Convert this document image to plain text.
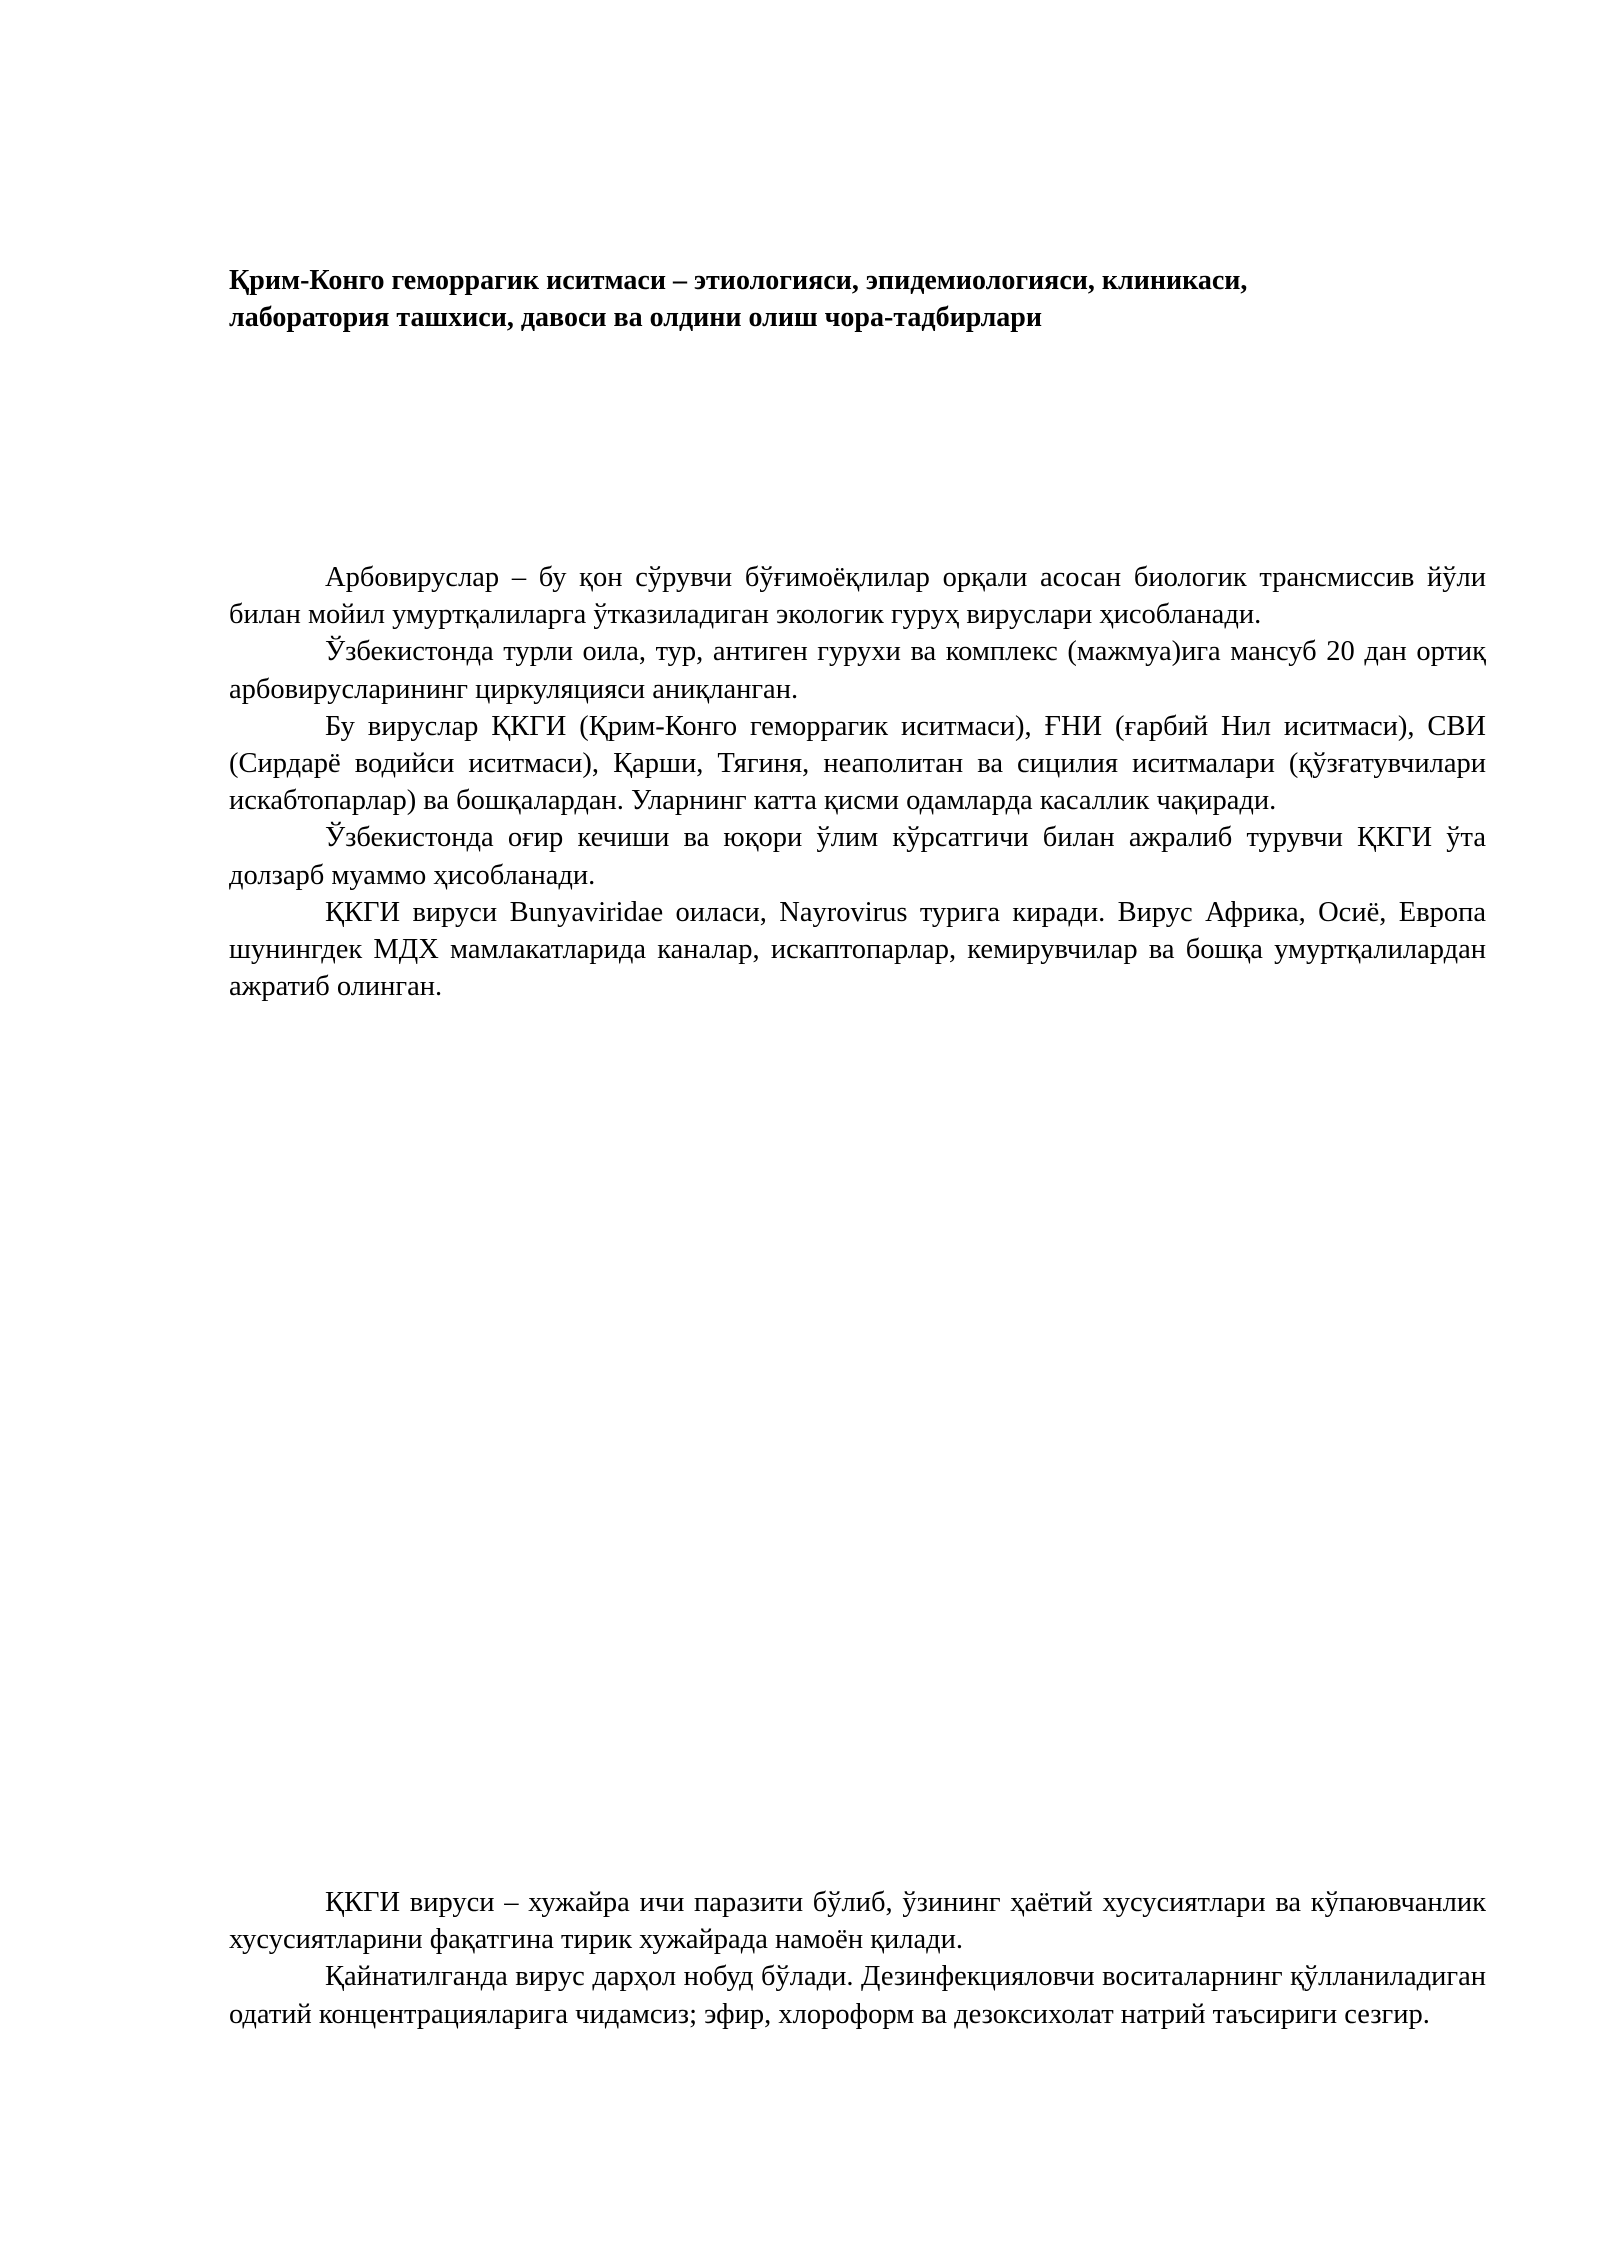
Қрим-Конго геморрагик иситмаси – этиологияси, эпидемиологияси, клиникаси,
лаборатория ташхиси, давоси ва олдини олиш чора-тадбирлари

Арбовируслар – бу қон сўрувчи бўғимоёқлилар орқали асосан биологик трансмиссив йўли билан мойил умуртқалиларга ўтказиладиган экологик гуруҳ вируслари ҳисобланади.

Ўзбекистонда турли оила, тур, антиген гурухи ва комплекс (мажмуа)ига мансуб 20 дан ортиқ арбовирусларининг циркуляцияси аниқланган.

Бу вируслар ҚКГИ (Қрим-Конго геморрагик иситмаси), ҒНИ (ғарбий Нил иситмаси), СВИ (Сирдарё водийси иситмаси), Қарши, Тягиня, неаполитан ва сицилия иситмалари (қўзғатувчилари искабтопарлар) ва бошқалардан. Уларнинг катта қисми одамларда касаллик чақиради.

Ўзбекистонда оғир кечиши ва юқори ўлим кўрсатгичи билан ажралиб турувчи ҚКГИ ўта долзарб муаммо ҳисобланади.

ҚКГИ вируси Bunyaviridae оиласи, Nayrovirus турига киради. Вирус Африка, Осиё, Европа шунингдек МДХ мамлакатларида каналар, искаптопарлар, кемирувчилар ва бошқа умуртқалилардан ажратиб олинган.

ҚКГИ вируси – хужайра ичи паразити бўлиб, ўзининг ҳаётий хусусиятлари ва кўпаювчанлик хусусиятларини фақатгина тирик хужайрада намоён қилади.

Қайнатилганда вирус дарҳол нобуд бўлади. Дезинфекцияловчи воситаларнинг қўлланиладиган одатий концентрацияларига чидамсиз; эфир, хлороформ ва дезоксихолат натрий таъсириги сезгир.
